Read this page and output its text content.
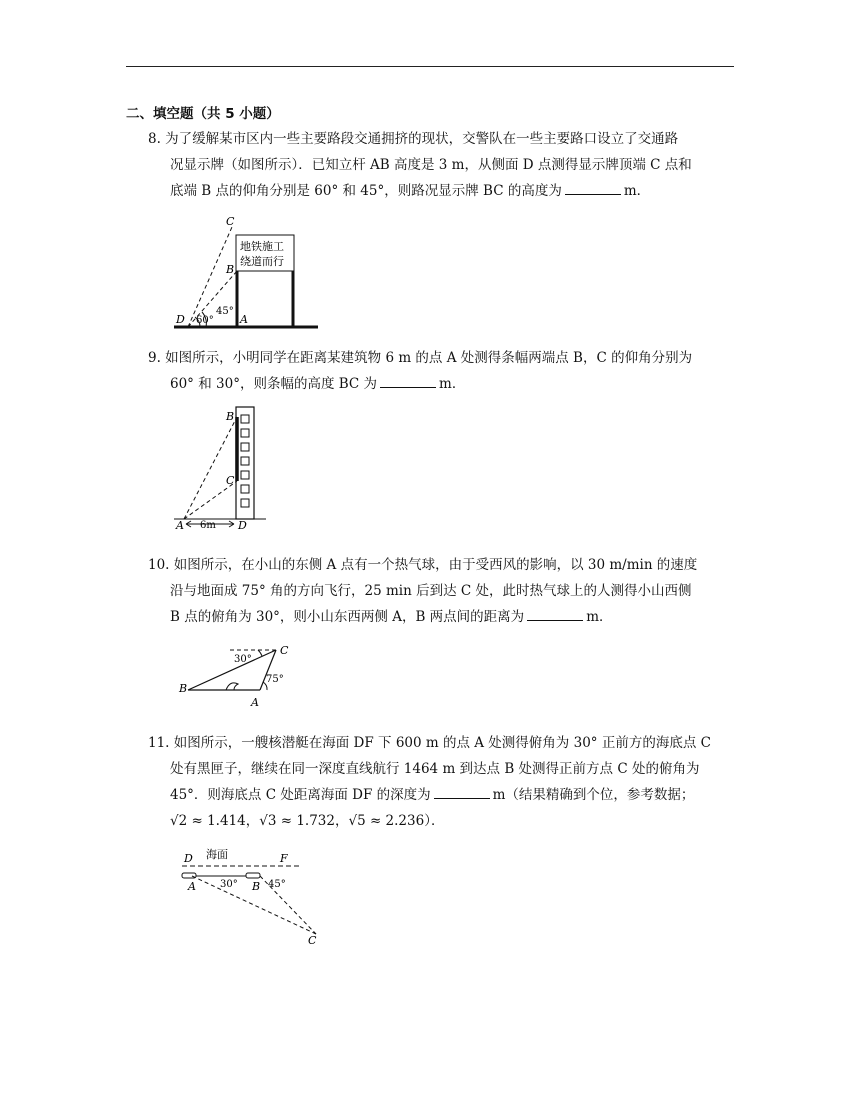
二、填空题（共 5 小题）

8. 为了缓解某市区内一些主要路段交通拥挤的现状，交警队在一些主要路口设立了交通路

况显示牌（如图所示）．已知立杆 AB 高度是 3 m，从侧面 D 点测得显示牌顶端 C 点和

底端 B 点的仰角分别是 60° 和 45°，则路况显示牌 BC 的高度为	m．

地铁施工
绕道而行
C
B
D	A
60°
45°

9. 如图所示，小明同学在距离某建筑物 6 m 的点 A 处测得条幅两端点 B，C 的仰角分别为

60° 和 30°，则条幅的高度 BC 为	m．

B
C
A	D
6m

10. 如图所示，在小山的东侧 A 点有一个热气球，由于受西风的影响，以 30 m/min 的速度

沿与地面成 75° 角的方向飞行，25 min 后到达 C 处，此时热气球上的人测得小山西侧

B 点的俯角为 30°，则小山东西两侧 A，B 两点间的距离为	m．

30°
75°
C
B
A

11. 如图所示，一艘核潜艇在海面 DF 下 600 m 的点 A 处测得俯角为 30° 正前方的海底点 C

处有黑匣子，继续在同一深度直线航行 1464 m 到达点 B 处测得正前方点 C 处的俯角为

45°．则海底点 C 处距离海面 DF 的深度为	m（结果精确到个位，参考数据；

√2 ≈ 1.414，√3 ≈ 1.732，√5 ≈ 2.236）．

海面
D	F
A	B
C
30°	45°
